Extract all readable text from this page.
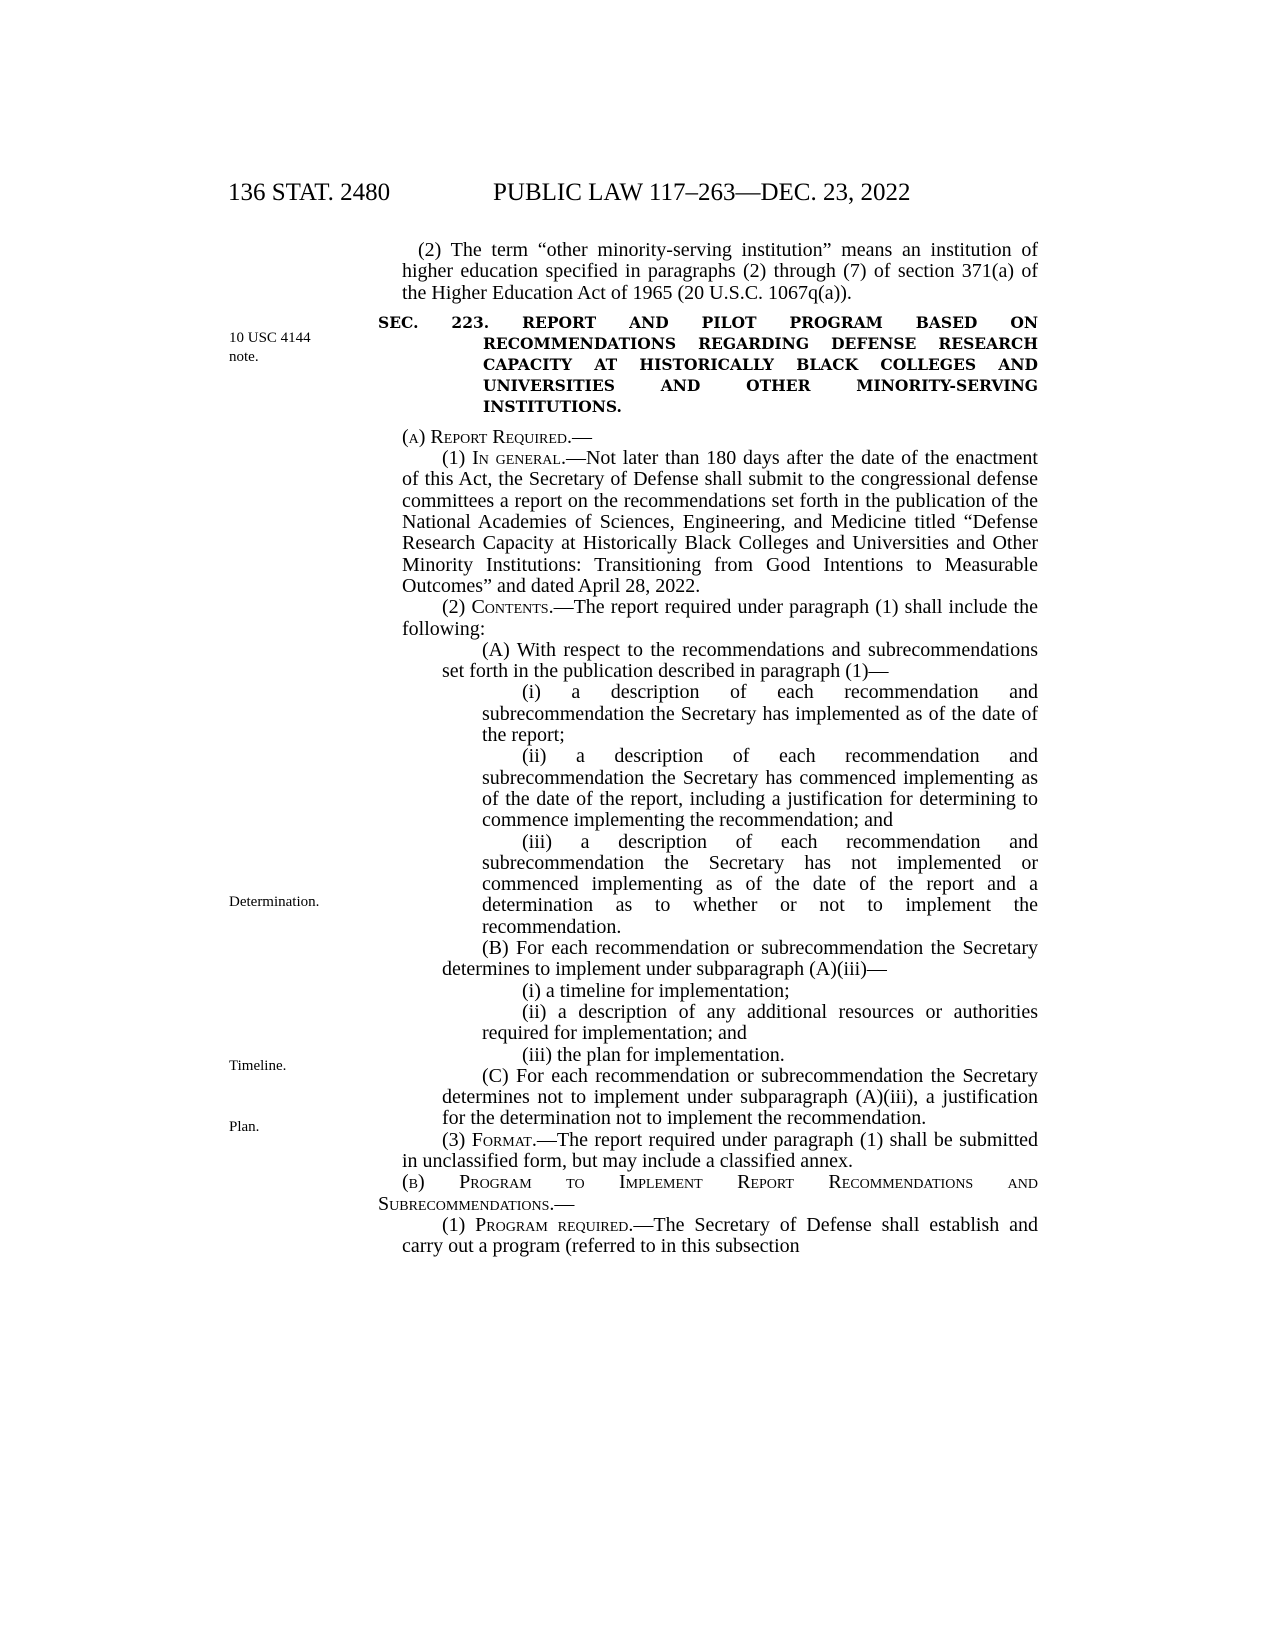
136 STAT. 2480	PUBLIC LAW 117–263—DEC. 23, 2022
10 USC 4144
note.
Determination.
Timeline.
Plan.

(2) The term “other minority-serving institution” means an institution of higher education specified in paragraphs (2) through (7) of section 371(a) of the Higher Education Act of 1965 (20 U.S.C. 1067q(a)).

SEC. 223. REPORT AND PILOT PROGRAM BASED ON RECOMMENDATIONS REGARDING DEFENSE RESEARCH CAPACITY AT HISTORICALLY BLACK COLLEGES AND UNIVERSITIES AND OTHER MINORITY-SERVING INSTITUTIONS.

(a) Report Required.—

(1) In general.—Not later than 180 days after the date of the enactment of this Act, the Secretary of Defense shall submit to the congressional defense committees a report on the recommendations set forth in the publication of the National Academies of Sciences, Engineering, and Medicine titled “Defense Research Capacity at Historically Black Colleges and Universities and Other Minority Institutions: Transitioning from Good Intentions to Measurable Outcomes” and dated April 28, 2022.

(2) Contents.—The report required under paragraph (1) shall include the following:

(A) With respect to the recommendations and subrecommendations set forth in the publication described in paragraph (1)—

(i) a description of each recommendation and subrecommendation the Secretary has implemented as of the date of the report;

(ii) a description of each recommendation and subrecommendation the Secretary has commenced implementing as of the date of the report, including a justification for determining to commence implementing the recommendation; and

(iii) a description of each recommendation and subrecommendation the Secretary has not implemented or commenced implementing as of the date of the report and a determination as to whether or not to implement the recommendation.

(B) For each recommendation or subrecommendation the Secretary determines to implement under subparagraph (A)(iii)—

(i) a timeline for implementation;

(ii) a description of any additional resources or authorities required for implementation; and

(iii) the plan for implementation.

(C) For each recommendation or subrecommendation the Secretary determines not to implement under subparagraph (A)(iii), a justification for the determination not to implement the recommendation.

(3) Format.—The report required under paragraph (1) shall be submitted in unclassified form, but may include a classified annex.

(b) Program to Implement Report Recommendations and Subrecommendations.—

(1) Program required.—The Secretary of Defense shall establish and carry out a program (referred to in this subsection
